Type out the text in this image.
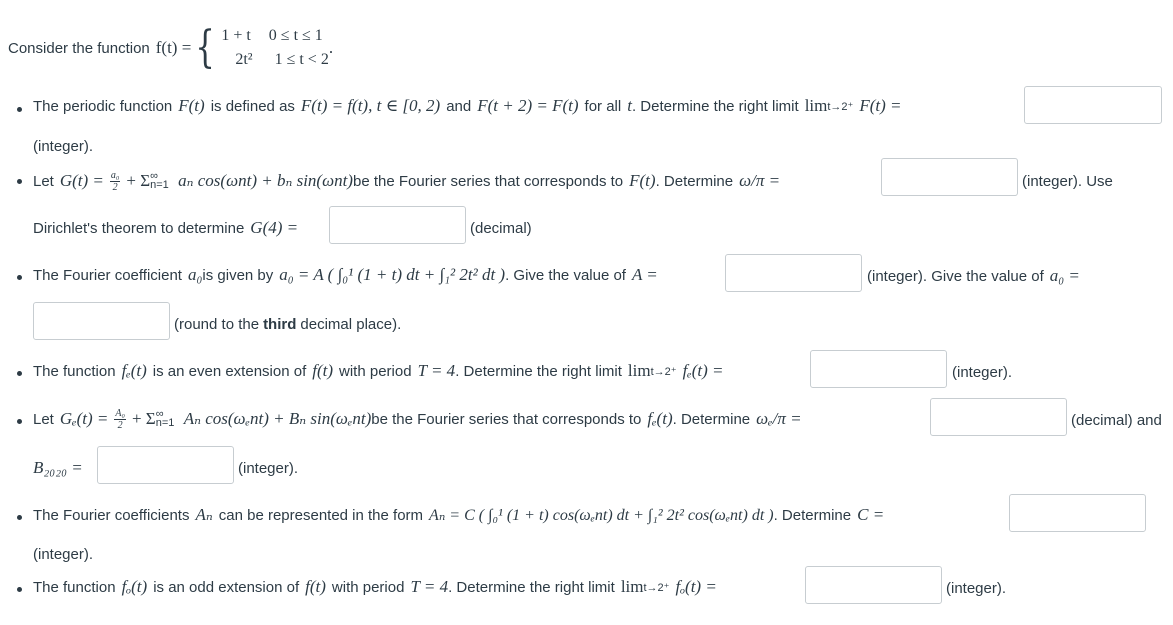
Consider the function f(t) = { 1 + t 0 ≤ t ≤ 1
2t² 1 ≤ t < 2
.
The periodic function F(t) is defined as F(t) = f(t), t ∈ [0, 2) and F(t + 2) = F(t) for all t . Determine the right limit lim t→2⁺ F(t) =
(integer).
Let $G(t) = \frac{\text{a₀}}{2} + \Sigma$ ∞ n=1 aₙ cos(ωnt) + bₙ sin(ωnt) be the Fourier series that corresponds to F(t) . Determine ω/π =	(integer). Use
Dirichlet's theorem to determine G(4) =	(decimal)
The Fourier coefficient a₀ is given by a₀ = A ( ∫₀¹ (1 + t) dt + ∫₁² 2t² dt ) . Give the value of A =	(integer). Give the value of a₀ =
(round to the third decimal place).
The function fₑ(t) is an even extension of f(t) with period T = 4 . Determine the right limit lim t→2⁺ fₑ(t) =	(integer).
Let $G_e(t) = \frac{\text{A₀}}{2} + \Sigma$ ∞ n=1 Aₙ cos(ωₑnt) + Bₙ sin(ωₑnt) be the Fourier series that corresponds to fₑ(t) . Determine ωₑ/π =	(decimal) and
B₂₀₂₀ =	(integer).
The Fourier coefficients Aₙ can be represented in the form Aₙ = C ( ∫₀¹ (1 + t) cos(ωₑnt) dt + ∫₁² 2t² cos(ωₑnt) dt ) . Determine C =
(integer).
The function fₒ(t) is an odd extension of f(t) with period T = 4 . Determine the right limit lim t→2⁺ fₒ(t) =	(integer).
